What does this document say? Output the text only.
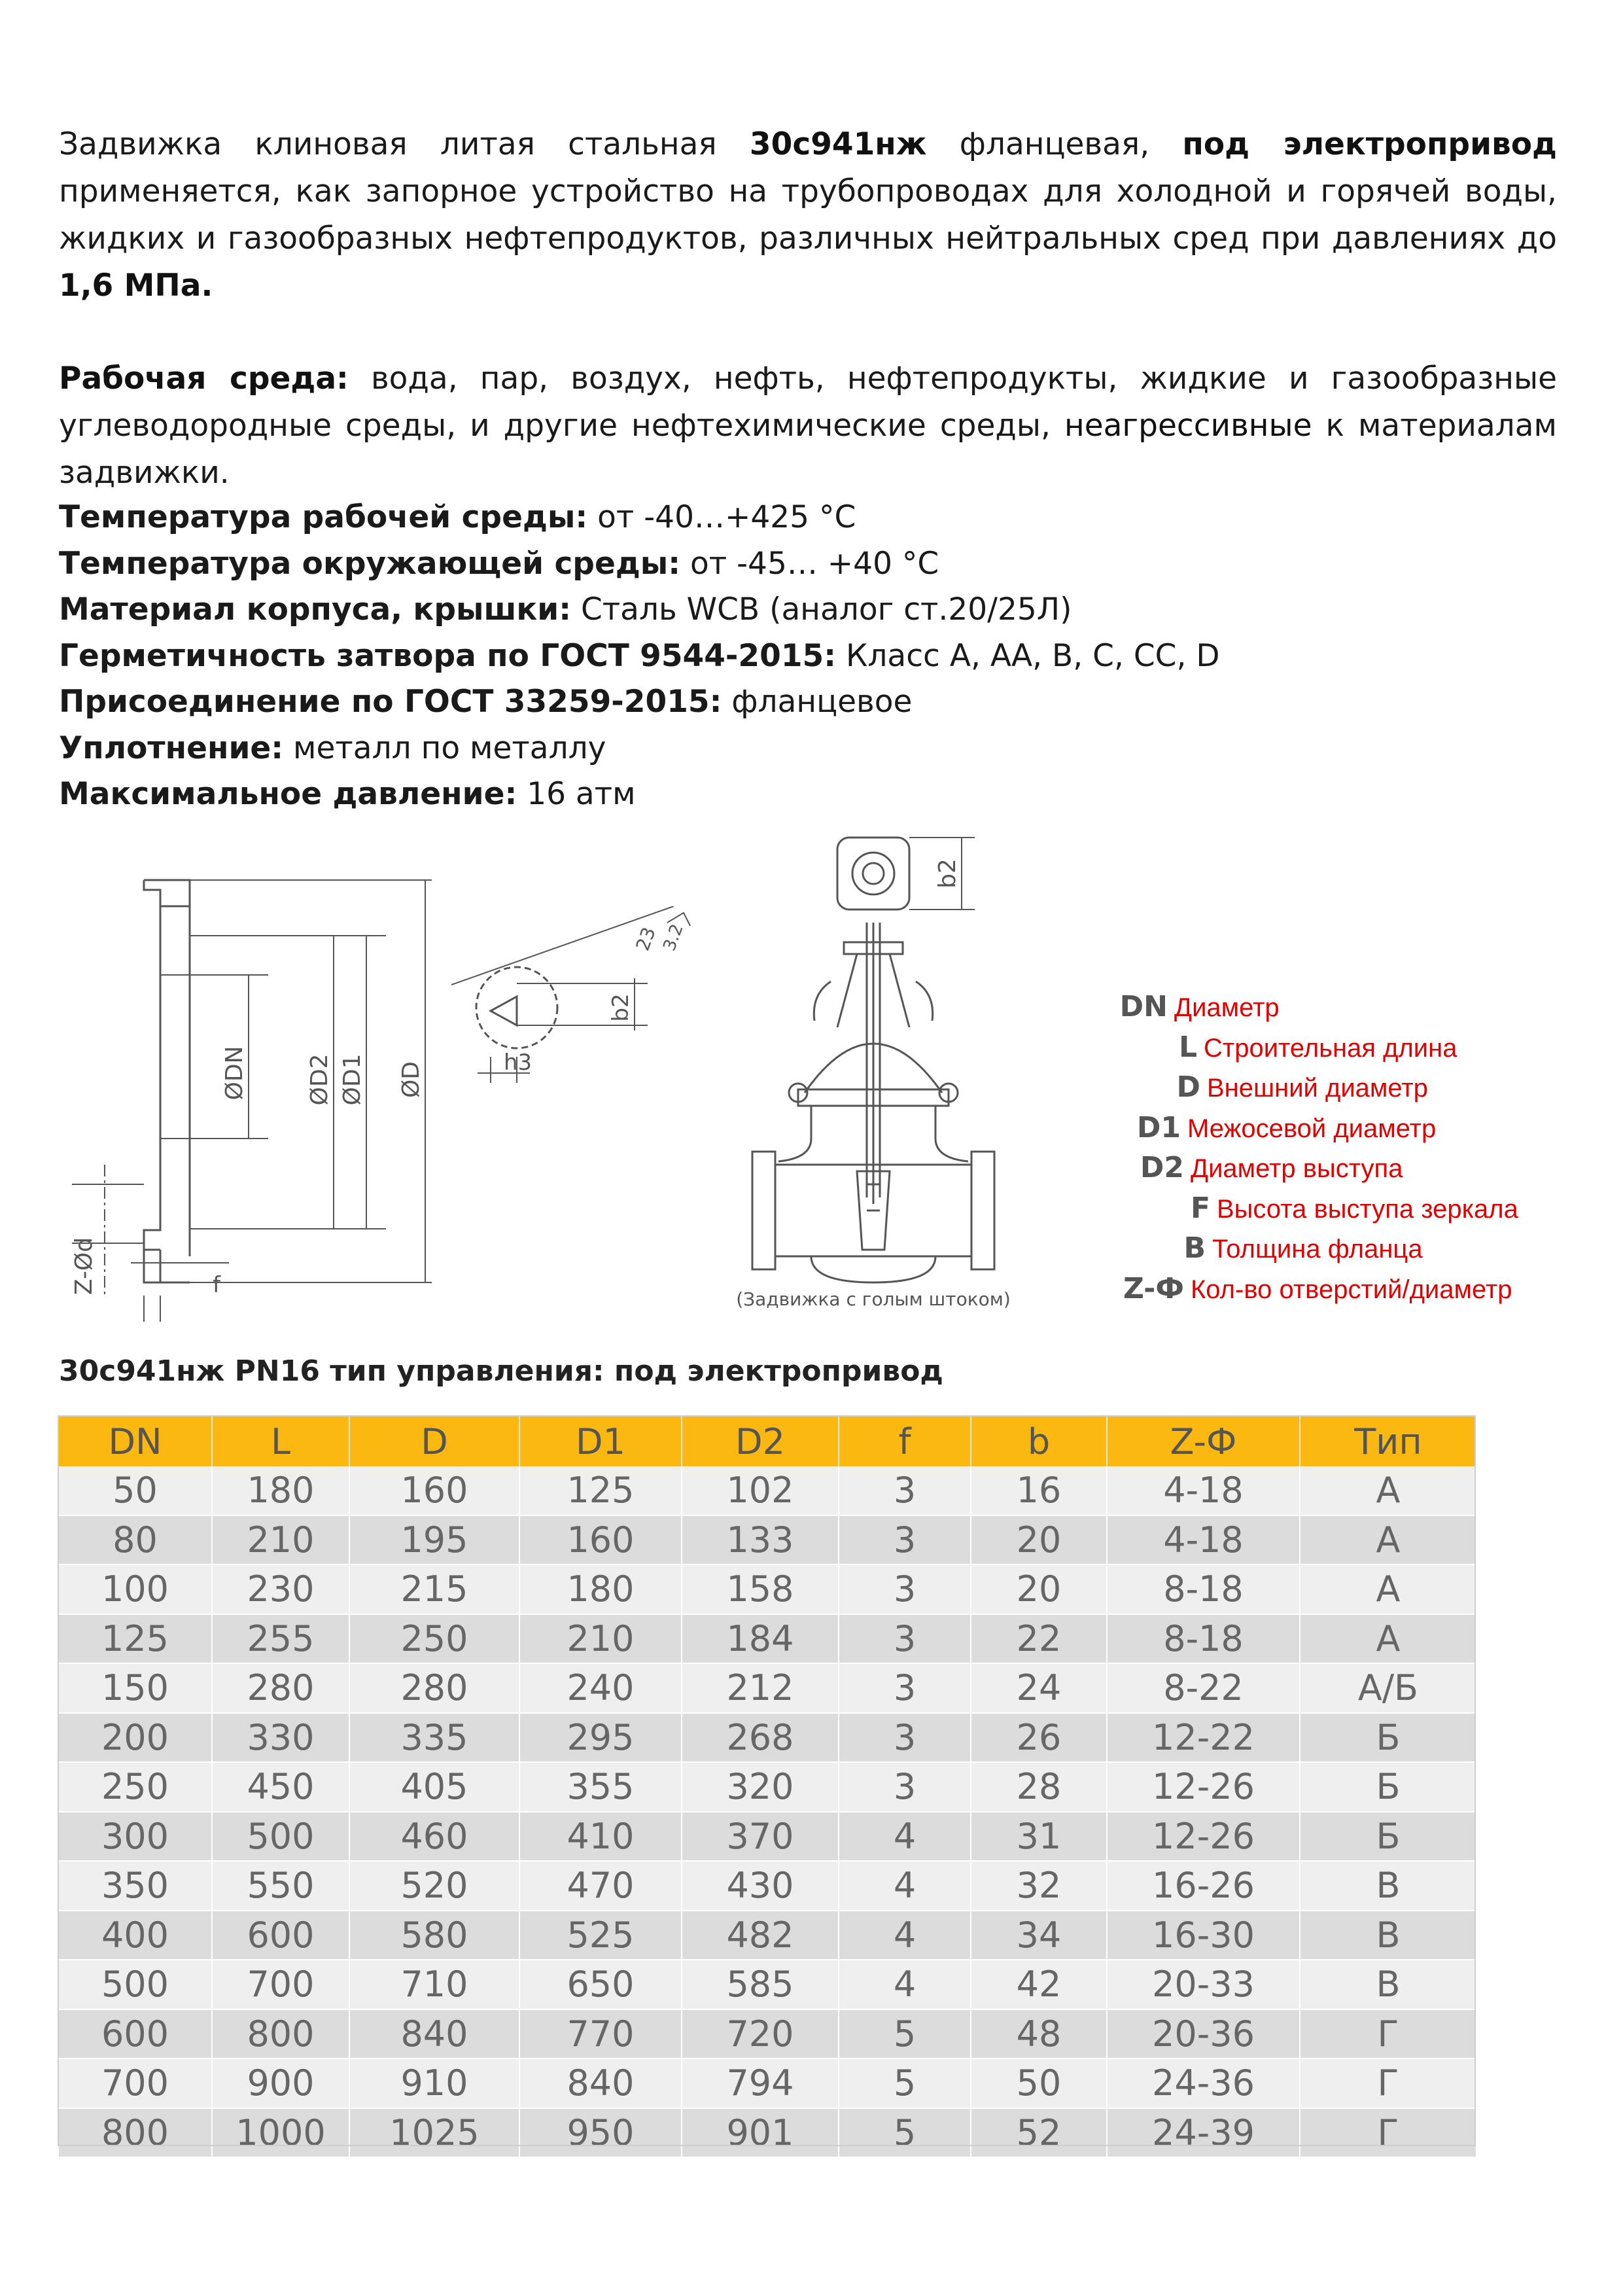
Задвижка клиновая литая стальная 30с941нж фланцевая, под электропривод применяется, как запорное устройство на трубопроводах для холодной и горячей воды, жидких и газообразных нефтепродуктов, различных нейтральных сред при давлениях до 1,6 МПа.
Рабочая среда: вода, пар, воздух, нефть, нефтепродукты, жидкие и газообразные углеводородные среды, и другие нефтехимические среды, неагрессивные к материалам задвижки.
Температура рабочей среды: от -40…+425 °С
Температура окружающей среды: от -45… +40 °С
Материал корпуса, крышки: Сталь WCB (аналог ст.20/25Л)
Герметичность затвора по ГОСТ 9544-2015: Класс А, АА, В, С, СС, D
Присоединение по ГОСТ 33259-2015: фланцевое
Уплотнение: металл по металлу
Максимальное давление: 16 атм
ØDN ØD2 ØD1 ØD
Z-Ød	f
b2
h3
23 3.2
b2
(Задвижка с голым штоком)
DN Диаметр
L Строительная длина
D Внешний диаметр
D1 Межосевой диаметр
D2 Диаметр выступа
F Высота выступа зеркала
B Толщина фланца
Z-Ф Кол-во отверстий/диаметр
30с941нж PN16 тип управления: под электропривод
DN	L	D	D1	D2	f	b	Z-Ф	Тип
50	180	160	125	102	3	16	4-18	А
80	210	195	160	133	3	20	4-18	А
100	230	215	180	158	3	20	8-18	А
125	255	250	210	184	3	22	8-18	А
150	280	280	240	212	3	24	8-22	А/Б
200	330	335	295	268	3	26	12-22	Б
250	450	405	355	320	3	28	12-26	Б
300	500	460	410	370	4	31	12-26	Б
350	550	520	470	430	4	32	16-26	В
400	600	580	525	482	4	34	16-30	В
500	700	710	650	585	4	42	20-33	В
600	800	840	770	720	5	48	20-36	Г
700	900	910	840	794	5	50	24-36	Г
800	1000	1025	950	901	5	52	24-39	Г
